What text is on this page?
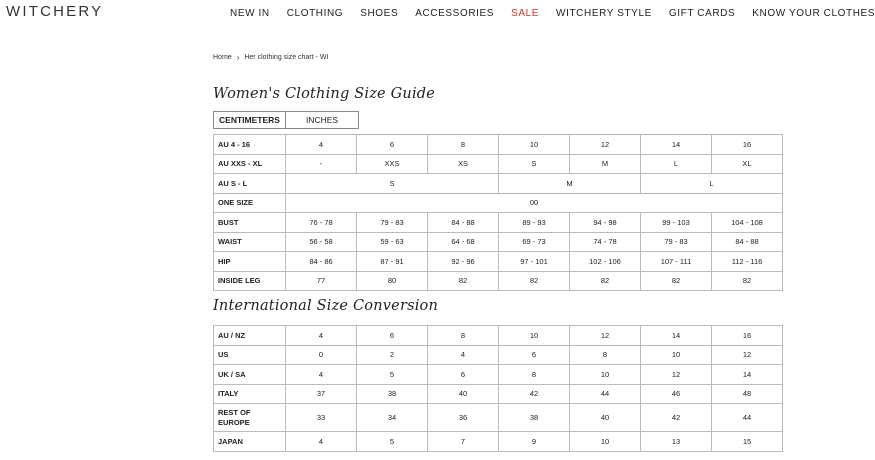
WITCHERY	NEW IN CLOTHING SHOES ACCESSORIES SALE WITCHERY STYLE GIFT CARDS KNOW YOUR CLOTHES
Home › Her clothing size chart - WI
Women's Clothing Size Guide
CENTIMETERS	INCHES
AU 4 - 16	4	6	8	10	12	14	16
AU XXS - XL	-	XXS	XS	S	M	L	XL
AU S - L	S			M		L	
ONE SIZE	00						
BUST	76 - 78	79 - 83	84 - 88	89 - 93	94 - 98	99 - 103	104 - 108
WAIST	56 - 58	59 - 63	64 - 68	69 - 73	74 - 78	79 - 83	84 - 88
HIP	84 - 86	87 - 91	92 - 96	97 - 101	102 - 106	107 - 111	112 - 116
INSIDE LEG	77	80	82	82	82	82	82
International Size Conversion
AU / NZ	4	6	8	10	12	14	16
US	0	2	4	6	8	10	12
UK / SA	4	5	6	8	10	12	14
ITALY	37	38	40	42	44	46	48
REST OF
EUROPE	33	34	36	38	40	42	44
JAPAN	4	5	7	9	10	13	15
